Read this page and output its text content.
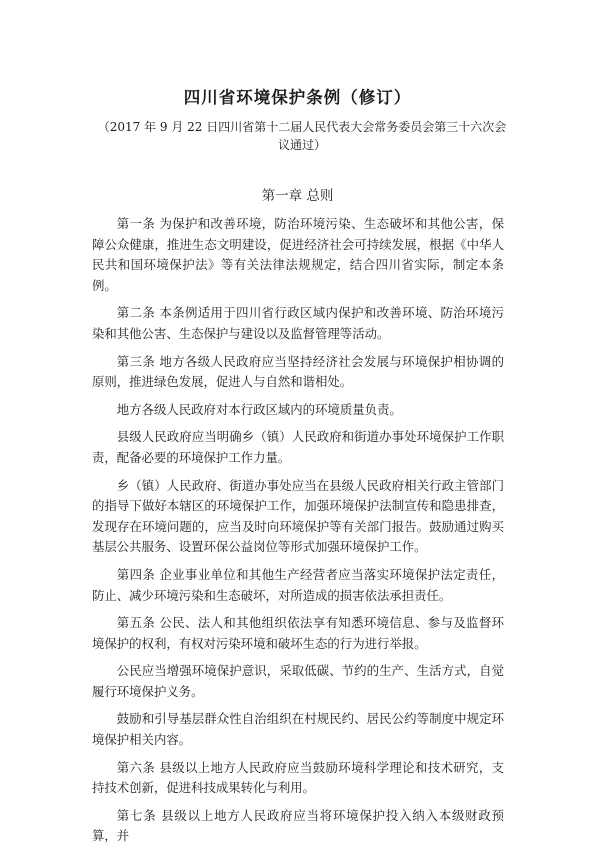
四川省环境保护条例（修订）
（2017 年 9 月 22 日四川省第十二届人民代表大会常务委员会第三十六次会议通过）
第一章 总则

第一条 为保护和改善环境，防治环境污染、生态破坏和其他公害，保障公众健康，推进生态文明建设，促进经济社会可持续发展，根据《中华人民共和国环境保护法》等有关法律法规规定，结合四川省实际，制定本条例。

第二条 本条例适用于四川省行政区域内保护和改善环境、防治环境污染和其他公害、生态保护与建设以及监督管理等活动。

第三条 地方各级人民政府应当坚持经济社会发展与环境保护相协调的原则，推进绿色发展，促进人与自然和谐相处。

地方各级人民政府对本行政区域内的环境质量负责。

县级人民政府应当明确乡（镇）人民政府和街道办事处环境保护工作职责，配备必要的环境保护工作力量。

乡（镇）人民政府、街道办事处应当在县级人民政府相关行政主管部门的指导下做好本辖区的环境保护工作，加强环境保护法制宣传和隐患排查，发现存在环境问题的，应当及时向环境保护等有关部门报告。鼓励通过购买基层公共服务、设置环保公益岗位等形式加强环境保护工作。

第四条 企业事业单位和其他生产经营者应当落实环境保护法定责任，防止、减少环境污染和生态破坏，对所造成的损害依法承担责任。

第五条 公民、法人和其他组织依法享有知悉环境信息、参与及监督环境保护的权利，有权对污染环境和破坏生态的行为进行举报。

公民应当增强环境保护意识，采取低碳、节约的生产、生活方式，自觉履行环境保护义务。

鼓励和引导基层群众性自治组织在村规民约、居民公约等制度中规定环境保护相关内容。

第六条 县级以上地方人民政府应当鼓励环境科学理论和技术研究，支持技术创新，促进科技成果转化与利用。

第七条 县级以上地方人民政府应当将环境保护投入纳入本级财政预算，并
